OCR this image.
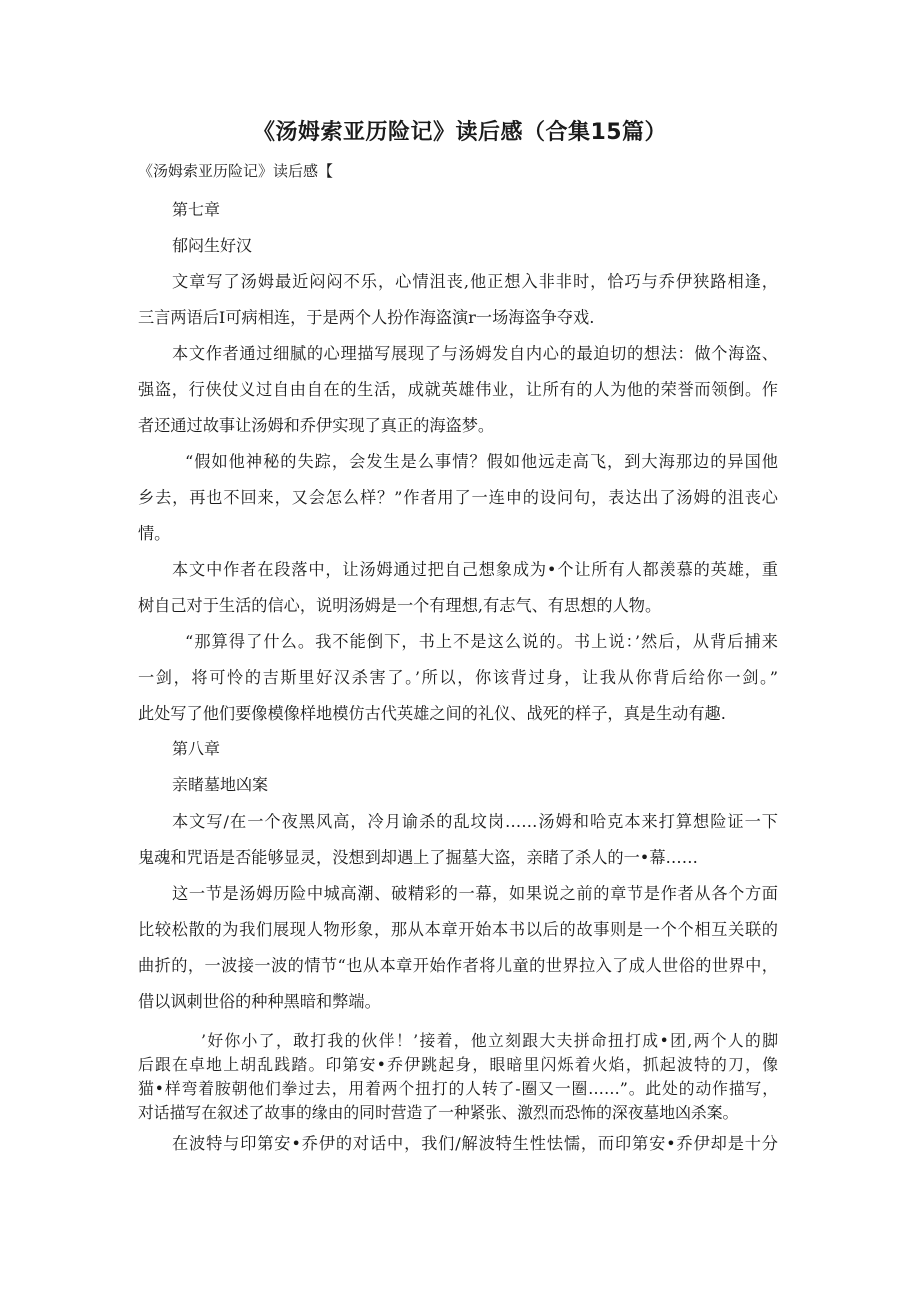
《汤姆索亚历险记》读后感（合集15篇）
《汤姆索亚历险记》读后感【
第七章
郁闷生好汉
文章写了汤姆最近闷闷不乐，心情沮丧,他正想入非非时，恰巧与乔伊狭路相逢，
三言两语后I可病相连，于是两个人扮作海盗演r一场海盗争夺戏.
本文作者通过细腻的心理描写展现了与汤姆发自内心的最迫切的想法：做个海盗、
强盗，行侠仗义过自由自在的生活，成就英雄伟业，让所有的人为他的荣誉而领倒。作
者还通过故事让汤姆和乔伊实现了真正的海盗梦。
“假如他神秘的失踪，会发生是么事情？假如他远走高飞，到大海那边的异国他
乡去，再也不回来，又会怎么样？”作者用了一连申的设问句，表达出了汤姆的沮丧心
情。
本文中作者在段落中，让汤姆通过把自己想象成为•个让所有人都羡慕的英雄，重
树自己对于生活的信心，说明汤姆是一个有理想,有志气、有思想的人物。
“那算得了什么。我不能倒下，书上不是这么说的。书上说：’然后，从背后捕来
一剑，将可怜的吉斯里好汉杀害了。’所以，你该背过身，让我从你背后给你一剑。”
此处写了他们要像模像样地模仿古代英雄之间的礼仪、战死的样子，真是生动有趣.
第八章
亲睹墓地凶案
本文写/在一个夜黑风高，冷月谕杀的乱坟岗……汤姆和哈克本来打算想险证一下
鬼魂和咒语是否能够显灵，没想到却遇上了掘墓大盗，亲睹了杀人的一•幕……
这一节是汤姆历险中城高潮、破精彩的一幕，如果说之前的章节是作者从各个方面
比较松散的为我们展现人物形象，那从本章开始本书以后的故事则是一个个相互关联的
曲折的，一波接一波的情节“也从本章开始作者将儿童的世界拉入了成人世俗的世界中，
借以讽刺世俗的种种黑暗和弊端。
’好你小了，敢打我的伙伴！’接着，他立刻跟大夫拼命扭打成•团,两个人的脚
后跟在卓地上胡乱践踏。印第安•乔伊跳起身，眼暗里闪烁着火焰，抓起波特的刀，像
猫•样弯着胺朝他们拳过去，用着两个扭打的人转了-圈又一圈……”。此处的动作描写，
对话描写在叙述了故事的缘由的同时营造了一种紧张、激烈而恐怖的深夜墓地凶杀案。
在波特与印第安•乔伊的对话中，我们/解波特生性怯懦，而印第安•乔伊却是十分
